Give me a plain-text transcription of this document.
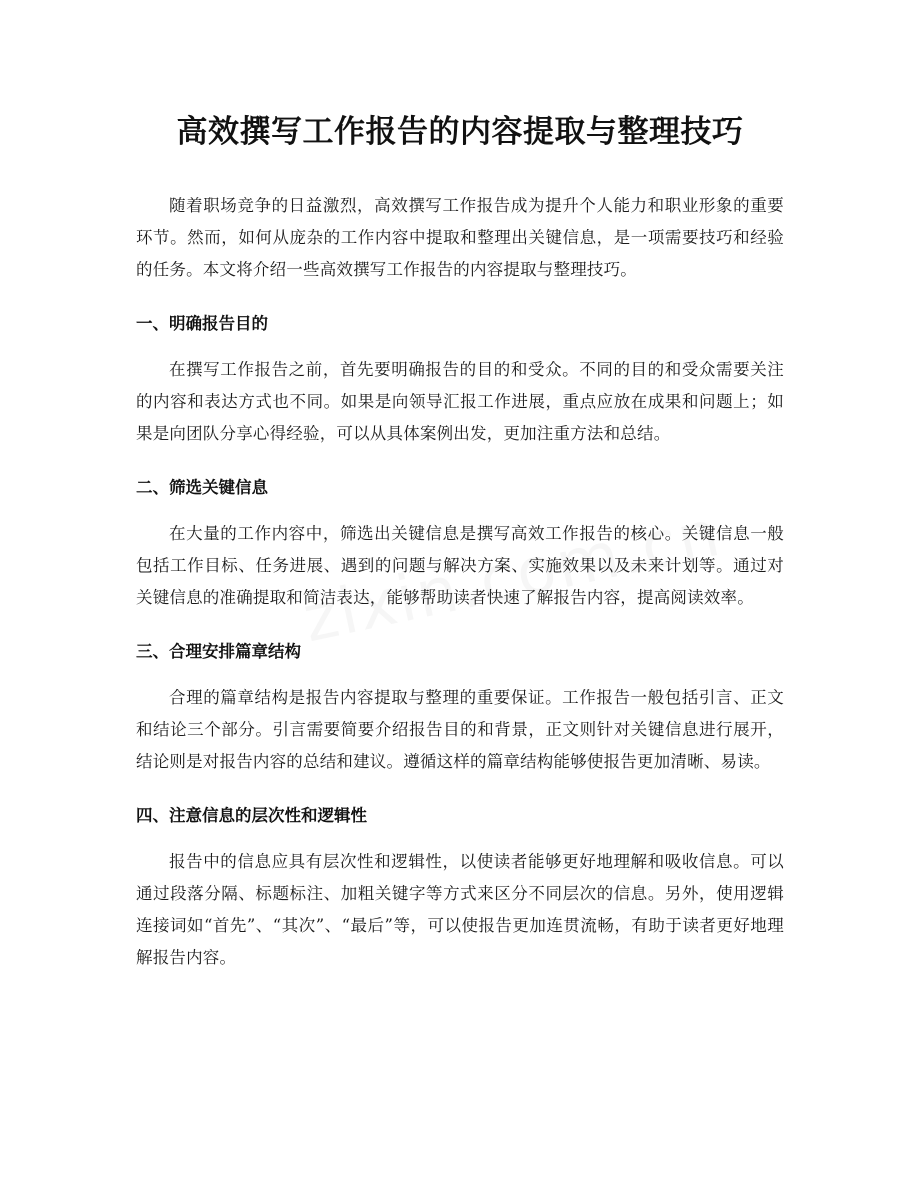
高效撰写工作报告的内容提取与整理技巧

随着职场竞争的日益激烈，高效撰写工作报告成为提升个人能力和职业形象的重要环节。然而，如何从庞杂的工作内容中提取和整理出关键信息，是一项需要技巧和经验的任务。本文将介绍一些高效撰写工作报告的内容提取与整理技巧。

一、明确报告目的

在撰写工作报告之前，首先要明确报告的目的和受众。不同的目的和受众需要关注的内容和表达方式也不同。如果是向领导汇报工作进展，重点应放在成果和问题上；如果是向团队分享心得经验，可以从具体案例出发，更加注重方法和总结。

二、筛选关键信息

在大量的工作内容中，筛选出关键信息是撰写高效工作报告的核心。关键信息一般包括工作目标、任务进展、遇到的问题与解决方案、实施效果以及未来计划等。通过对关键信息的准确提取和简洁表达，能够帮助读者快速了解报告内容，提高阅读效率。

三、合理安排篇章结构

合理的篇章结构是报告内容提取与整理的重要保证。工作报告一般包括引言、正文和结论三个部分。引言需要简要介绍报告目的和背景，正文则针对关键信息进行展开，结论则是对报告内容的总结和建议。遵循这样的篇章结构能够使报告更加清晰、易读。

四、注意信息的层次性和逻辑性

报告中的信息应具有层次性和逻辑性，以使读者能够更好地理解和吸收信息。可以通过段落分隔、标题标注、加粗关键字等方式来区分不同层次的信息。另外，使用逻辑连接词如“首先”、“其次”、“最后”等，可以使报告更加连贯流畅，有助于读者更好地理解报告内容。
